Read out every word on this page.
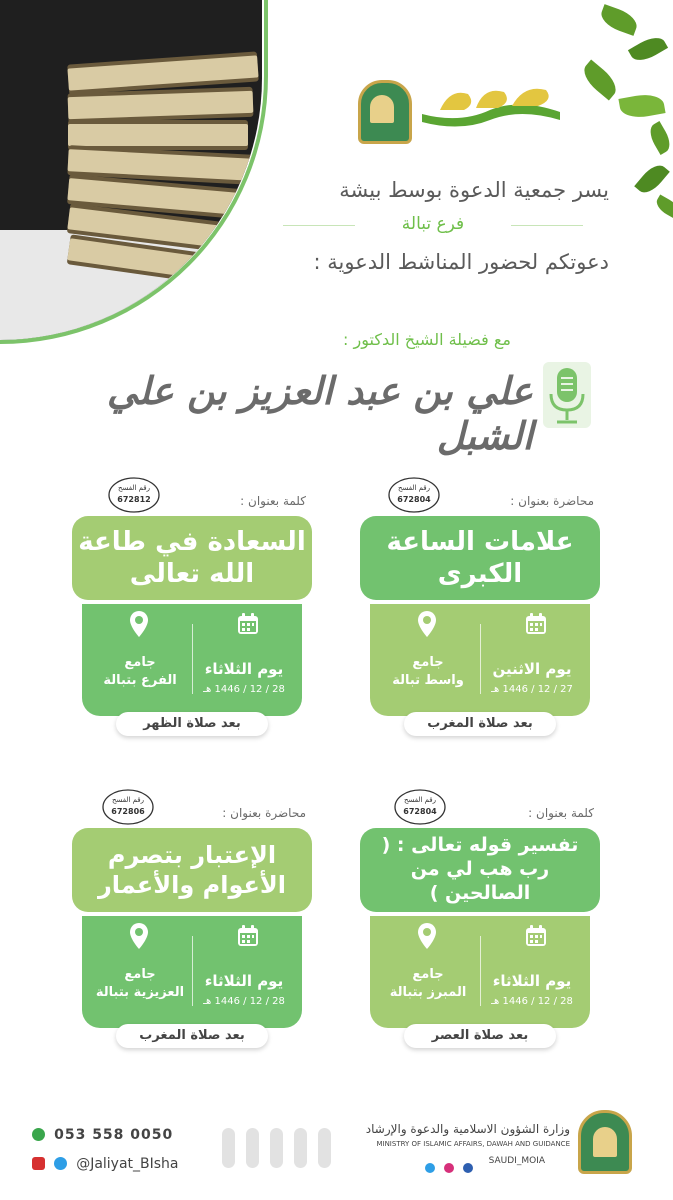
يسر جمعية الدعوة بوسط بيشة
فرع تبالة
دعوتكم لحضور المناشط الدعوية :
مع فضيلة الشيخ الدكتور :
علي بن عبد العزيز بن علي الشبل
محاضرة بعنوان :
رقم الفسح
672804
علامات الساعة الكبرى
يوم الاثنين
27 / 12 / 1446 هـ
جامع
واسط تبالة
بعد صلاة المغرب
كلمة بعنوان :
رقم الفسح
672812
السعادة في طاعة الله تعالى
يوم الثلاثاء
28 / 12 / 1446 هـ
جامع
الفرع بتبالة
بعد صلاة الظهر
كلمة بعنوان :
رقم الفسح
672804
تفسير قوله تعالى : ( رب هب لي من الصالحين )
يوم الثلاثاء
28 / 12 / 1446 هـ
جامع
المبرز بتبالة
بعد صلاة العصر
محاضرة بعنوان :
رقم الفسح
672806
الإعتبار بتصرم الأعوام والأعمار
يوم الثلاثاء
28 / 12 / 1446 هـ
جامع
العزيزية بتبالة
بعد صلاة المغرب
053 558 0050
@Jaliyat_BIsha
وزارة الشؤون الاسلامية والدعوة والإرشاد
MINISTRY OF ISLAMIC AFFAIRS, DAWAH AND GUIDANCE

SAUDI_MOIA
